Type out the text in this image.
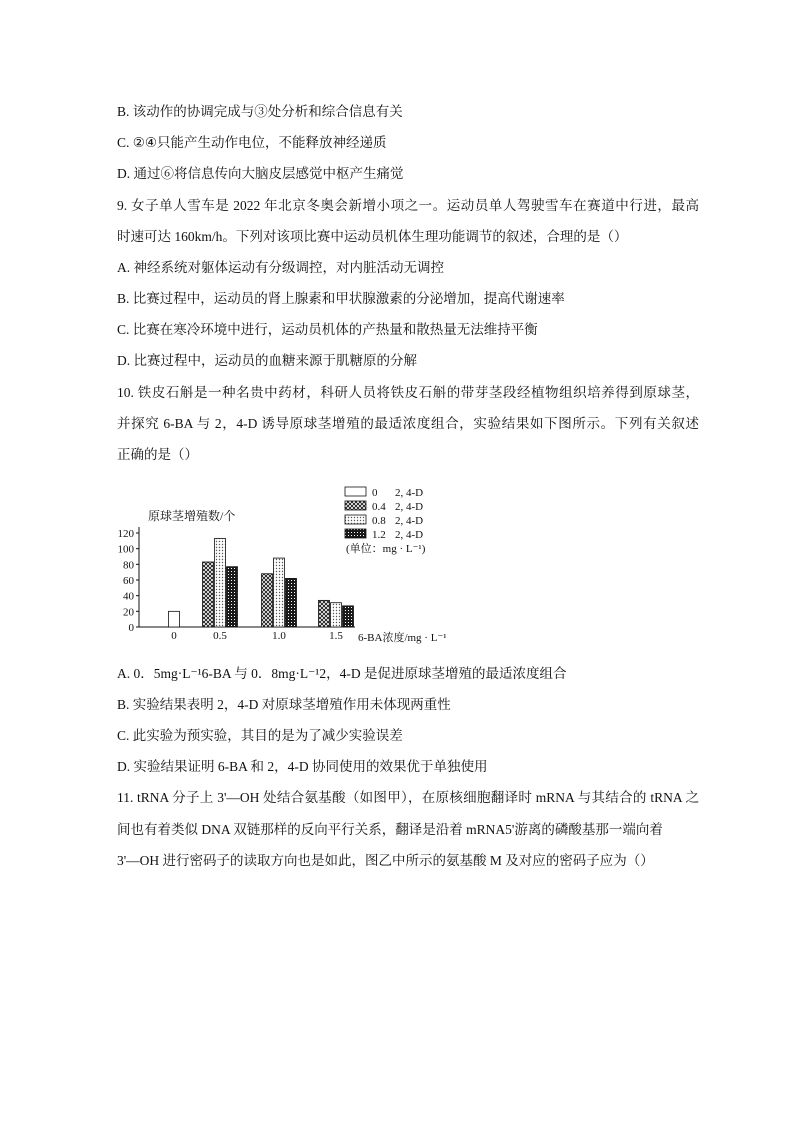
B. 该动作的协调完成与③处分析和综合信息有关
C. ②④只能产生动作电位，不能释放神经递质
D. 通过⑥将信息传向大脑皮层感觉中枢产生痛觉
9. 女子单人雪车是 2022 年北京冬奥会新增小项之一。运动员单人驾驶雪车在赛道中行进，最高
时速可达 160km/h。下列对该项比赛中运动员机体生理功能调节的叙述，合理的是（）
A. 神经系统对躯体运动有分级调控，对内脏活动无调控
B. 比赛过程中，运动员的肾上腺素和甲状腺激素的分泌增加，提高代谢速率
C. 比赛在寒冷环境中进行，运动员机体的产热量和散热量无法维持平衡
D. 比赛过程中，运动员的血糖来源于肌糖原的分解
10. 铁皮石斛是一种名贵中药材，科研人员将铁皮石斛的带芽茎段经植物组织培养得到原球茎，
并探究 6-BA 与 2，4-D 诱导原球茎增殖的最适浓度组合，实验结果如下图所示。下列有关叙述
正确的是（）
原球茎增殖数/个
6-BA浓度/mg · L⁻¹
0
20
40
60
80
100
120
0	0.5	1.0	1.5
0 2, 4-D
0.4 2, 4-D
0.8 2, 4-D
1.2 2, 4-D
(单位：mg · L⁻¹)
A. 0．5mg·L⁻¹6-BA 与 0．8mg·L⁻¹2，4-D 是促进原球茎增殖的最适浓度组合
B. 实验结果表明 2，4-D 对原球茎增殖作用未体现两重性
C. 此实验为预实验，其目的是为了减少实验误差
D. 实验结果证明 6-BA 和 2，4-D 协同使用的效果优于单独使用
11. tRNA 分子上 3'—OH 处结合氨基酸（如图甲），在原核细胞翻译时 mRNA 与其结合的 tRNA 之
间也有着类似 DNA 双链那样的反向平行关系，翻译是沿着 mRNA5'游离的磷酸基那一端向着
3'—OH 进行密码子的读取方向也是如此，图乙中所示的氨基酸 M 及对应的密码子应为（）
